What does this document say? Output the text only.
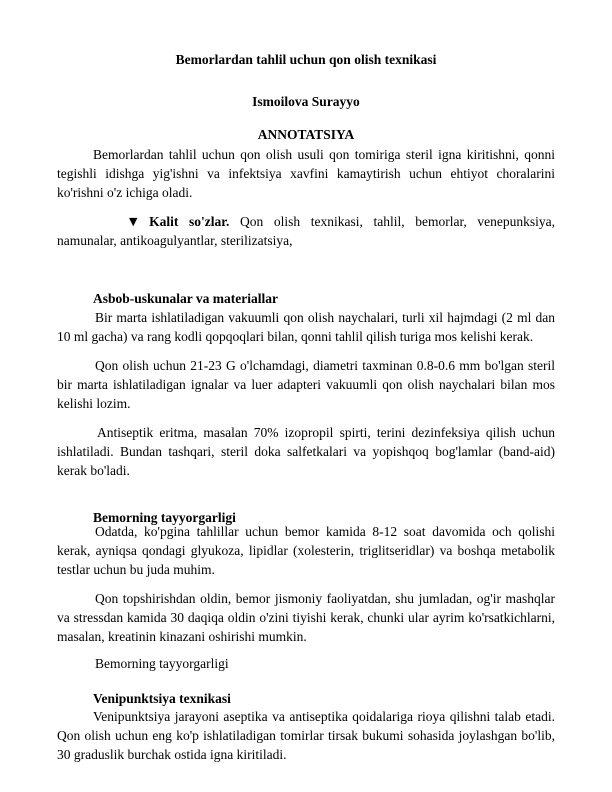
Bemorlardan tahlil uchun qon olish texnikasi
Ismoilova Surayyo
ANNOTATSIYA
Bemorlardan tahlil uchun qon olish usuli qon tomiriga steril igna kiritishni, qonni tegishli idishga yig'ishni va infektsiya xavfini kamaytirish uchun ehtiyot choralarini ko'rishni o'z ichiga oladi.
▼ Kalit so'zlar. Qon olish texnikasi, tahlil, bemorlar, venepunksiya, namunalar, antikoagulyantlar, sterilizatsiya,
Asbob-uskunalar va materiallar
Bir marta ishlatiladigan vakuumli qon olish naychalari, turli xil hajmdagi (2 ml dan 10 ml gacha) va rang kodli qopqoqlari bilan, qonni tahlil qilish turiga mos kelishi kerak.
Qon olish uchun 21-23 G o'lchamdagi, diametri taxminan 0.8-0.6 mm bo'lgan steril bir marta ishlatiladigan ignalar va luer adapteri vakuumli qon olish naychalari bilan mos kelishi lozim.
Antiseptik eritma, masalan 70% izopropil spirti, terini dezinfeksiya qilish uchun ishlatiladi. Bundan tashqari, steril doka salfetkalari va yopishqoq bog'lamlar (band-aid) kerak bo'ladi.
Bemorning tayyorgarligi
Odatda, ko'pgina tahlillar uchun bemor kamida 8-12 soat davomida och qolishi kerak, ayniqsa qondagi glyukoza, lipidlar (xolesterin, triglitseridlar) va boshqa metabolik testlar uchun bu juda muhim.
Qon topshirishdan oldin, bemor jismoniy faoliyatdan, shu jumladan, og'ir mashqlar va stressdan kamida 30 daqiqa oldin o'zini tiyishi kerak, chunki ular ayrim ko'rsatkichlarni, masalan, kreatinin kinazani oshirishi mumkin.
Bemorning tayyorgarligi
Venipunktsiya texnikasi
Venipunktsiya jarayoni aseptika va antiseptika qoidalariga rioya qilishni talab etadi. Qon olish uchun eng ko'p ishlatiladigan tomirlar tirsak bukumi sohasida joylashgan bo'lib, 30 graduslik burchak ostida igna kiritiladi.
